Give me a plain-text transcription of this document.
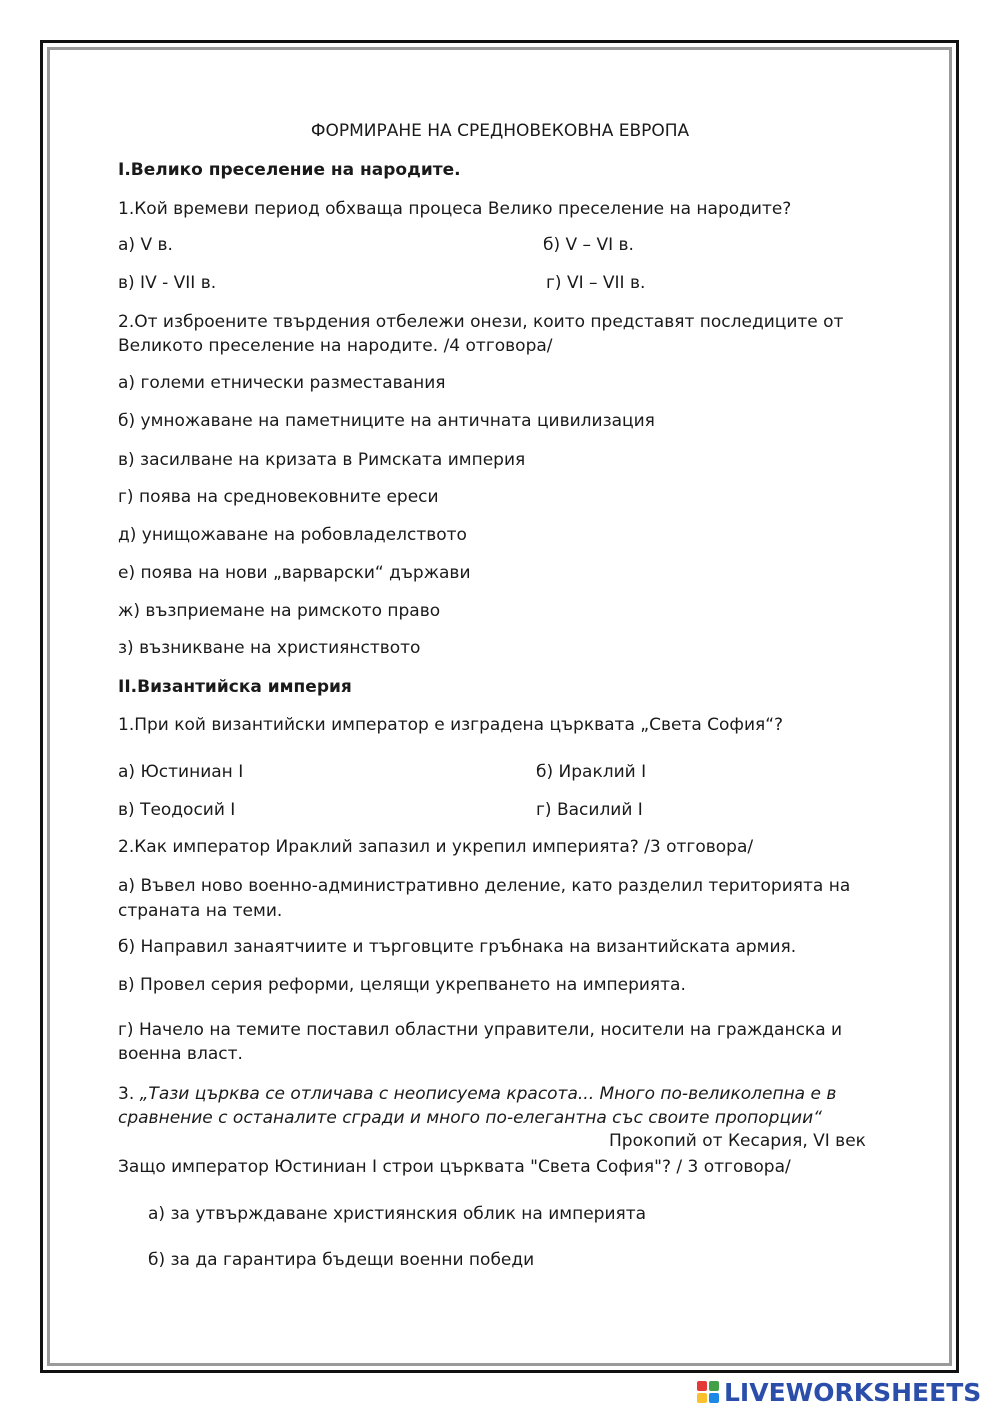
ФОРМИРАНЕ НА СРЕДНОВЕКОВНА ЕВРОПА
I.Велико преселение на народите.
1.Кой времеви период обхваща процеса Велико преселение на народите?
а) V в.	б) V – VI в.
в) IV - VII в.	г) VI – VII в.
2.От изброените твърдения отбележи онези, които представят последиците от
Великото преселение на народите. /4 отговора/
а) големи етнически разместавания
б) умножаване на паметниците на античната цивилизация
в) засилване на кризата в Римската империя
г) поява на средновековните ереси
д) унищожаване на робовладелството
е) поява на нови „варварски“ държави
ж) възприемане на римското право
з) възникване на християнството
II.Византийска империя
1.При кой византийски император е изградена църквата „Света София“?
а) Юстиниан I	б) Ираклий I
в) Теодосий I	г) Василий I
2.Как император Ираклий запазил и укрепил империята? /3 отговора/
а) Въвел ново военно-административно деление, като разделил територията на
страната на теми.
б) Направил занаятчиите и търговците гръбнака на византийската армия.
в) Провел серия реформи, целящи укрепването на империята.
г) Начело на темите поставил областни управители, носители на гражданска и
военна власт.
3. „Тази църква се отличава с неописуема красота... Много по-великолепна е в
сравнение с останалите сгради и много по-елегантна със своите пропорции“
Прокопий от Кесария, VI век
Защо император Юстиниан I строи църквата "Света София"? / 3 отговора/
а) за утвърждаване християнския облик на империята
б) за да гарантира бъдещи военни победи
LIVEWORKSHEETS
